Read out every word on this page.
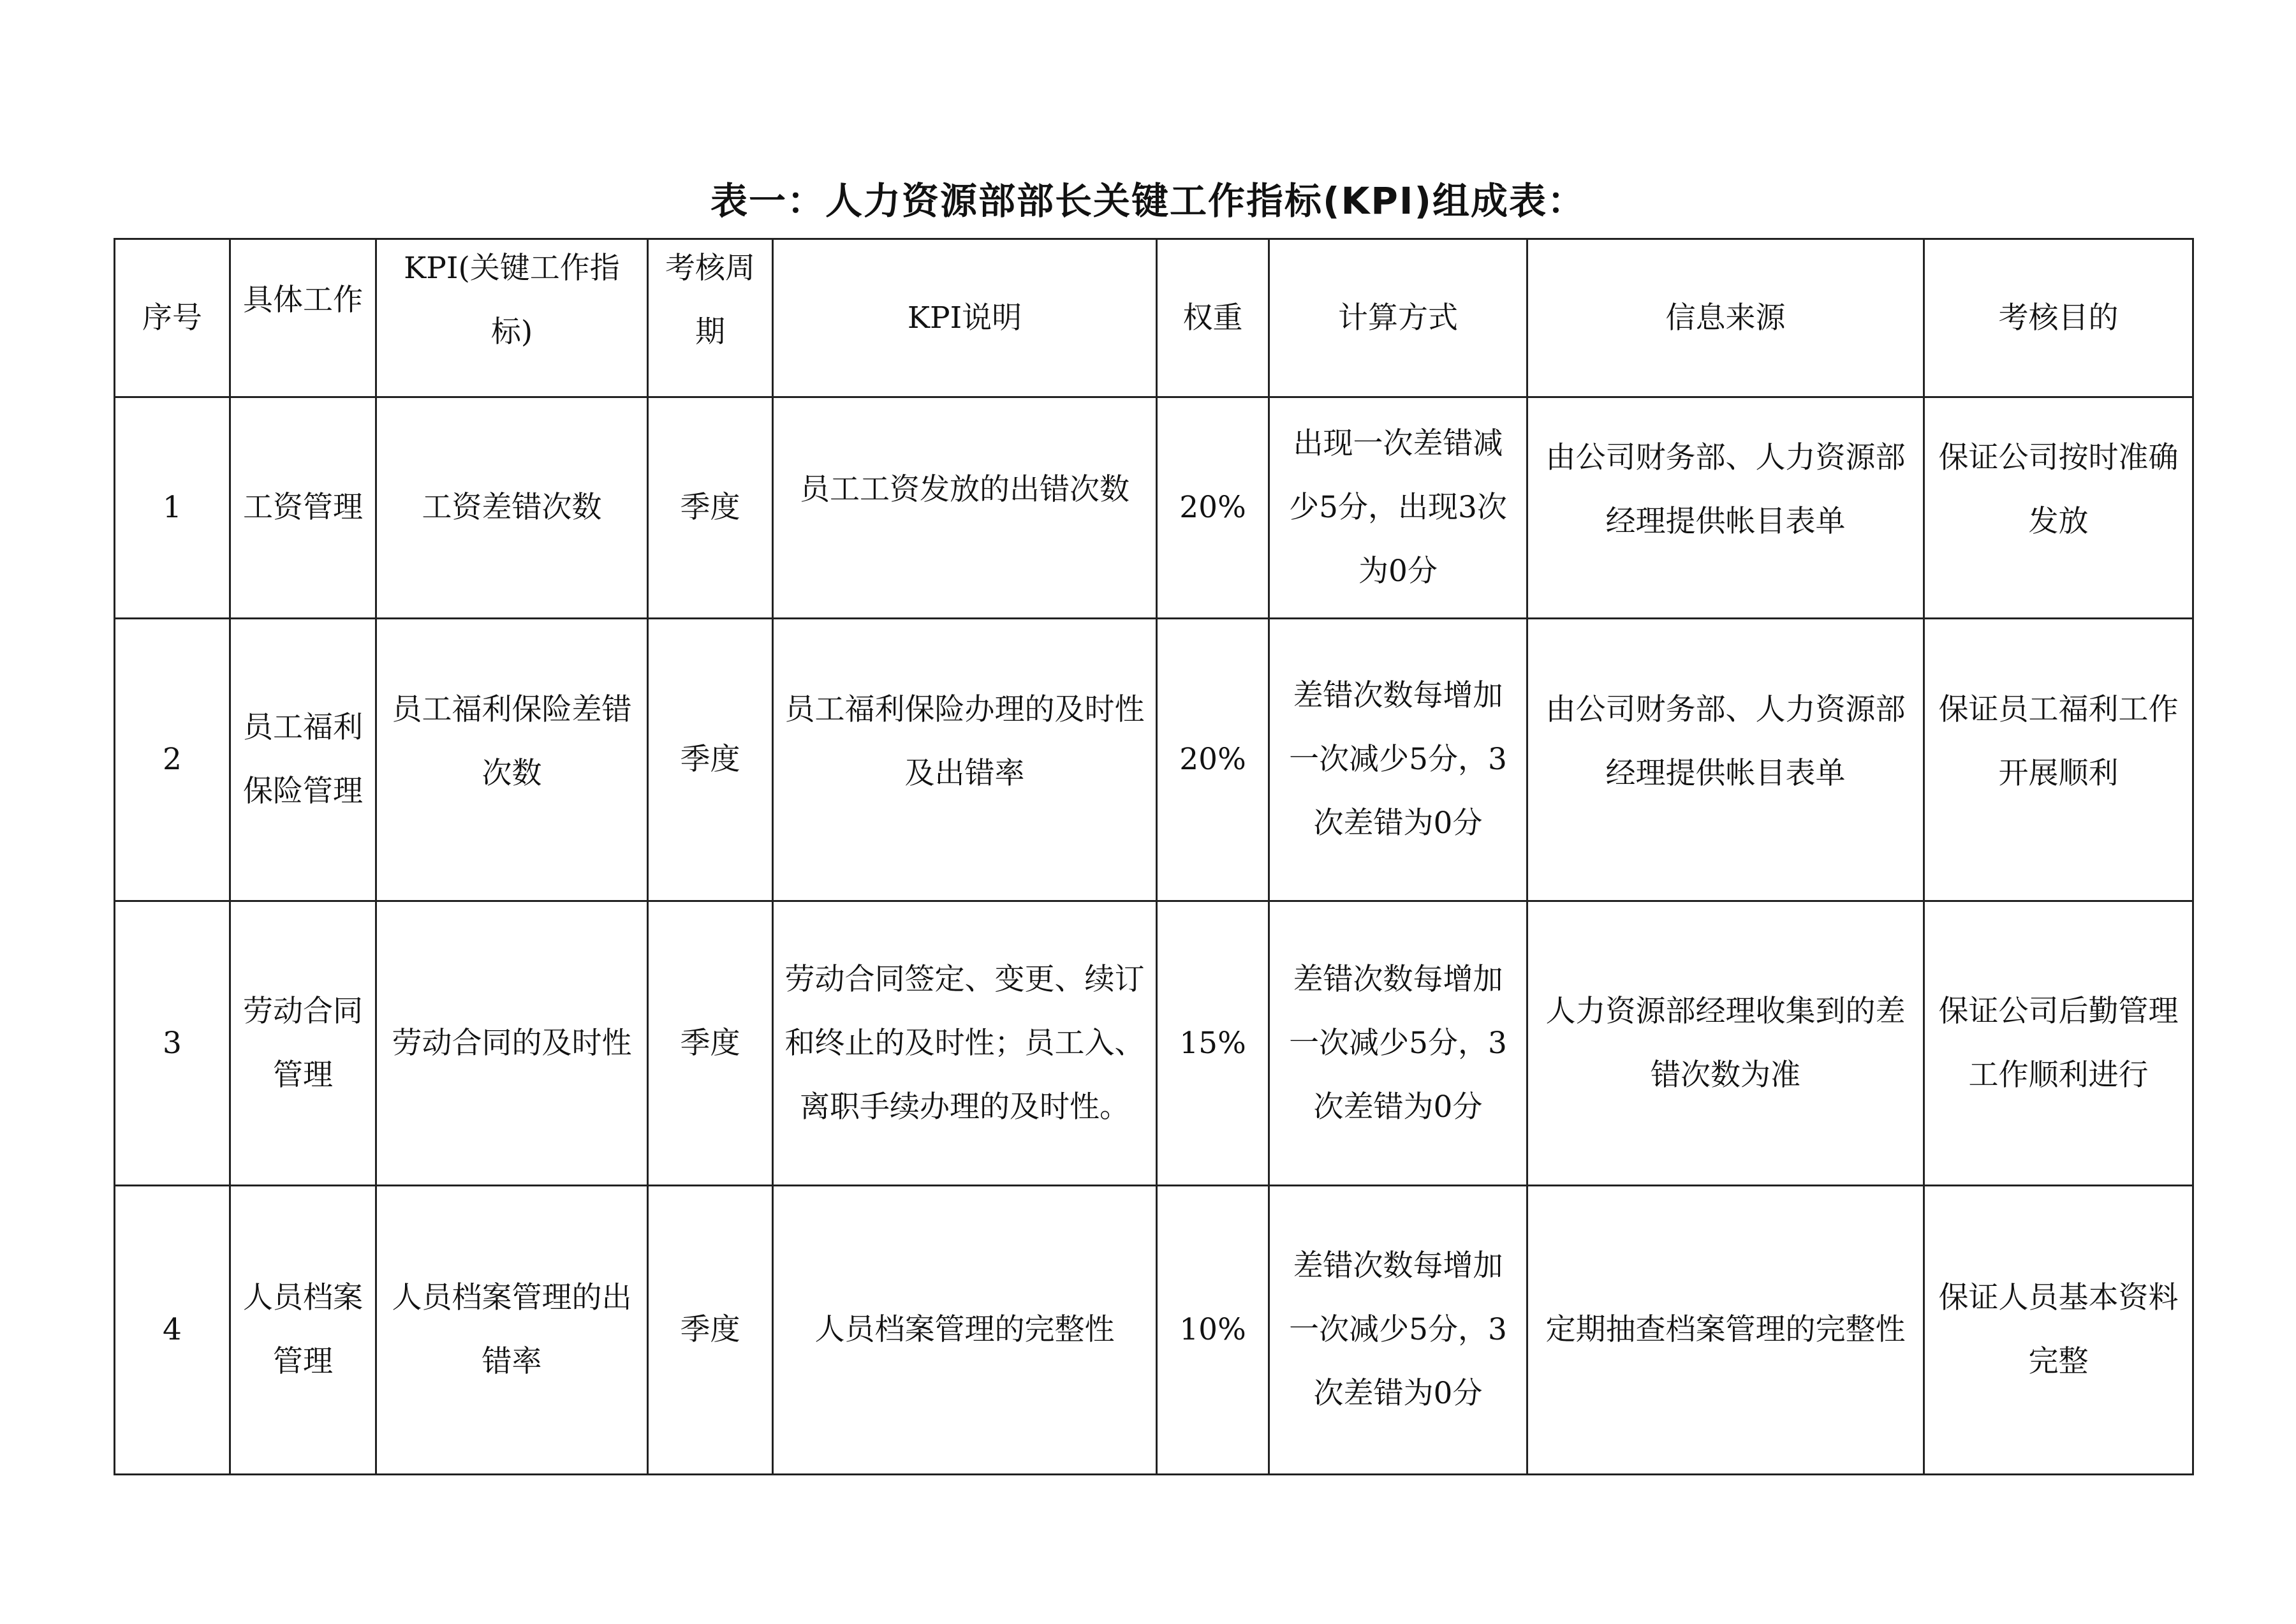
表一：人力资源部部长关键工作指标(KPI)组成表：
序号	具体工作	KPI(关键工作指标)	考核周期	KPI说明	权重	计算方式	信息来源	考核目的
1	工资管理	工资差错次数	季度	员工工资发放的出错次数	20%	出现一次差错减少5分，出现3次为0分	由公司财务部、人力资源部经理提供帐目表单	保证公司按时准确发放

2	员工福利保险管理	员工福利保险差错次数	季度	员工福利保险办理的及时性及出错率	20%	差错次数每增加一次减少5分，3次差错为0分	由公司财务部、人力资源部经理提供帐目表单	保证员工福利工作开展顺利

3	劳动合同管理	劳动合同的及时性	季度	劳动合同签定、变更、续订和终止的及时性；员工入、离职手续办理的及时性。	15%	差错次数每增加一次减少5分，3次差错为0分	人力资源部经理收集到的差错次数为准	保证公司后勤管理工作顺利进行
4	人员档案管理	人员档案管理的出错率	季度	人员档案管理的完整性	10%	差错次数每增加一次减少5分，3次差错为0分	定期抽查档案管理的完整性	保证人员基本资料完整
